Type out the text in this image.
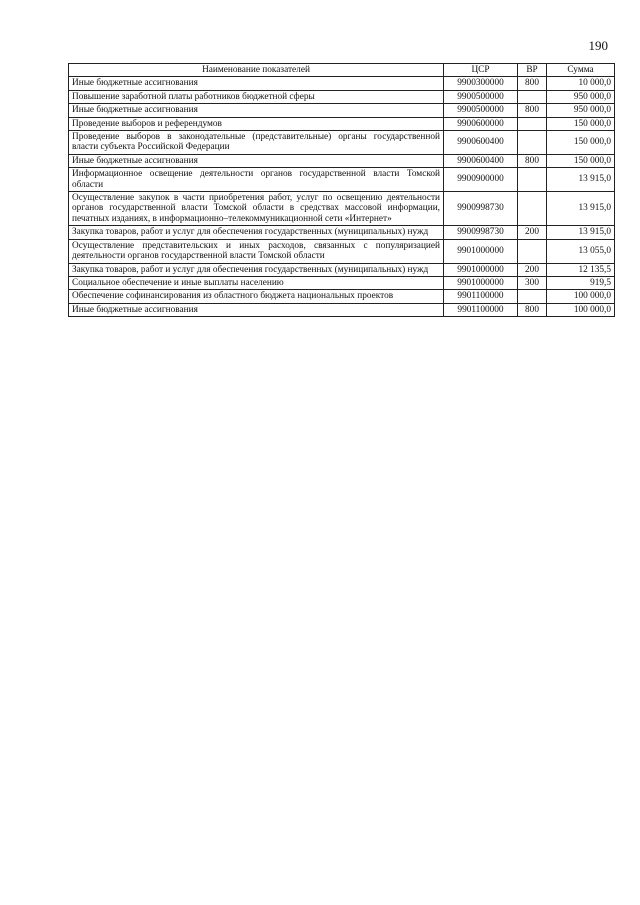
190
Наименование показателей	ЦСР	ВР	Сумма
Иные бюджетные ассигнования	9900300000	800	10 000,0
Повышение заработной платы работников бюджетной сферы	9900500000		950 000,0
Иные бюджетные ассигнования	9900500000	800	950 000,0
Проведение выборов и референдумов	9900600000		150 000,0
Проведение выборов в законодательные (представительные) органы государственной власти субъекта Российской Федерации	9900600400		150 000,0
Иные бюджетные ассигнования	9900600400	800	150 000,0
Информационное освещение деятельности органов государственной власти Томской области	9900900000		13 915,0
Осуществление закупок в части приобретения работ, услуг по освещению деятельности органов государственной власти Томской области в средствах массовой информации, печатных изданиях, в информационно–телекоммуникационной сети «Интернет»	9900998730		13 915,0
Закупка товаров, работ и услуг для обеспечения государственных (муниципальных) нужд	9900998730	200	13 915,0
Осуществление представительских и иных расходов, связанных с популяризацией деятельности органов государственной власти Томской области	9901000000		13 055,0
Закупка товаров, работ и услуг для обеспечения государственных (муниципальных) нужд	9901000000	200	12 135,5
Социальное обеспечение и иные выплаты населению	9901000000	300	919,5
Обеспечение софинансирования из областного бюджета национальных проектов	9901100000		100 000,0
Иные бюджетные ассигнования	9901100000	800	100 000,0
